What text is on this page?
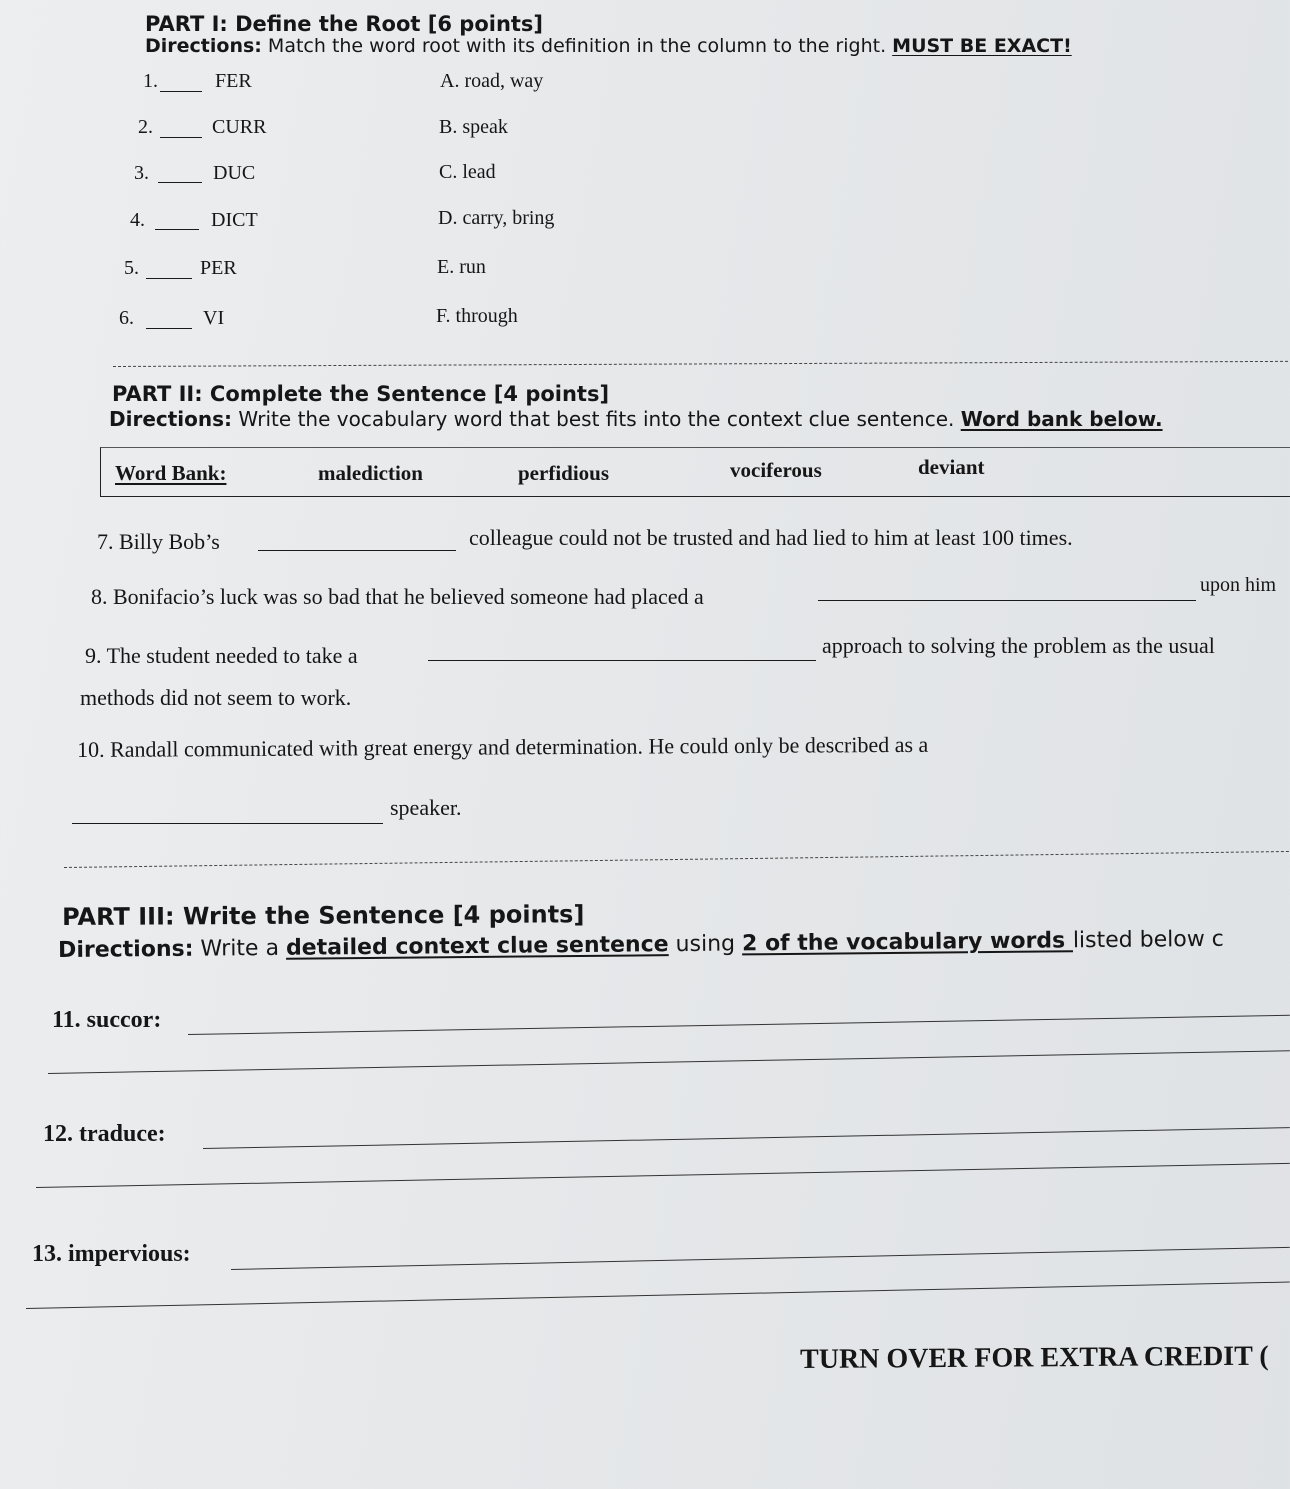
PART I: Define the Root [6 points]
Directions: Match the word root with its definition in the column to the right. MUST BE EXACT!
1.	FER	A. road, way
2.	CURR	B. speak
3.	DUC	C. lead
4.	DICT	D. carry, bring
5.	PER	E. run
6.	VI	F. through
PART II: Complete the Sentence [4 points]
Directions: Write the vocabulary word that best fits into the context clue sentence. Word bank below.
Word Bank:	malediction	perfidious	vociferous	deviant
7. Billy Bob’s	colleague could not be trusted and had lied to him at least 100 times.
8. Bonifacio’s luck was so bad that he believed someone had placed a	upon him
9. The student needed to take a	approach to solving the problem as the usual
methods did not seem to work.
10. Randall communicated with great energy and determination. He could only be described as a
speaker.
PART III: Write the Sentence [4 points]
Directions: Write a detailed context clue sentence using 2 of the vocabulary words listed below c
11. succor:
12. traduce:
13. impervious:
TURN OVER FOR EXTRA CREDIT (
